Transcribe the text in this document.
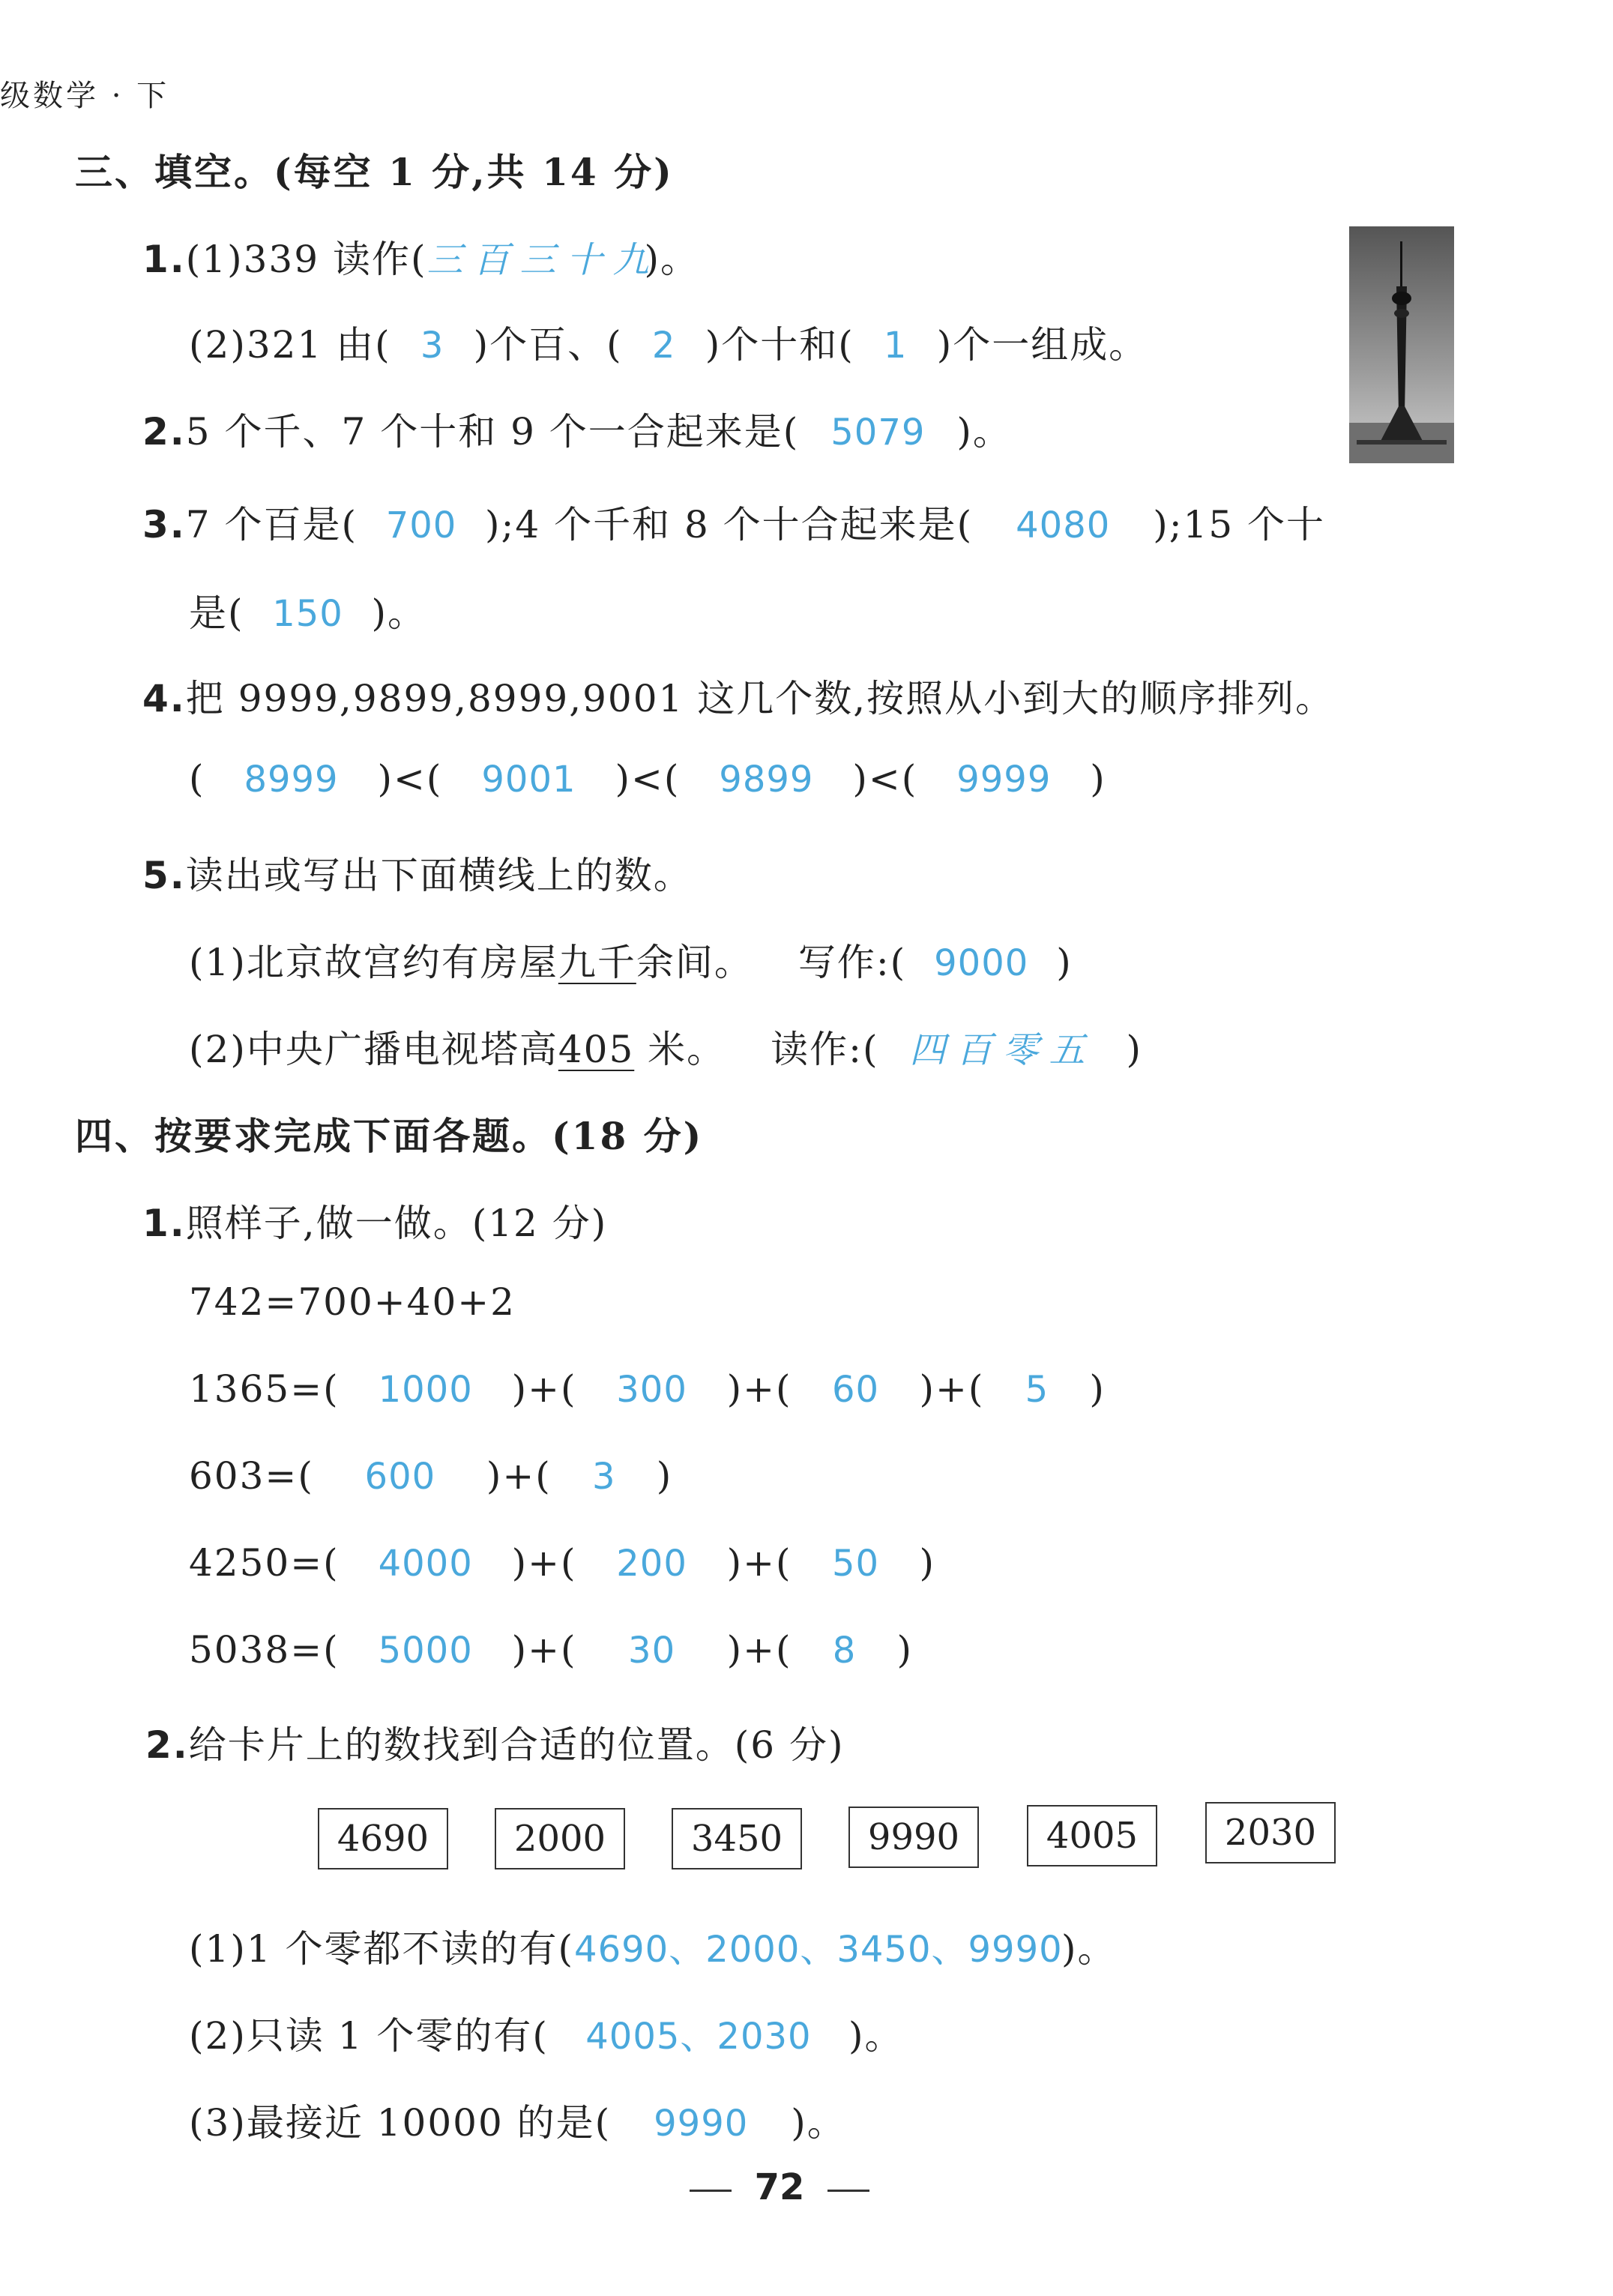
级数学 · 下
三、填空。(每空 1 分,共 14 分)
1.(1)339 读作(三百三十九)。
(2)321 由( 3 )个百、( 2 )个十和( 1 )个一组成。
2.5 个千、7 个十和 9 个一合起来是( 5079 )。
3.7 个百是( 700 );4 个千和 8 个十合起来是( 4080 );15 个十
是( 150 )。
4.把 9999,9899,8999,9001 这几个数,按照从小到大的顺序排列。
( 8999 )<( 9001 )<( 9899 )<( 9999 )
5.读出或写出下面横线上的数。
(1)北京故宫约有房屋九千余间。 写作:( 9000 )
(2)中央广播电视塔高405 米。 读作:( 四百零五 )
四、按要求完成下面各题。(18 分)
1.照样子,做一做。(12 分)
742=700+40+2
1365=( 1000 )+( 300 )+( 60 )+( 5 )
603=( 600 )+( 3 )
4250=( 4000 )+( 200 )+( 50 )
5038=( 5000 )+( 30 )+( 8 )
2.给卡片上的数找到合适的位置。(6 分)
4690	2000	3450	9990	4005	2030
(1)1 个零都不读的有(4690、2000、3450、9990)。
(2)只读 1 个零的有( 4005、2030 )。
(3)最接近 10000 的是( 9990 )。
72
